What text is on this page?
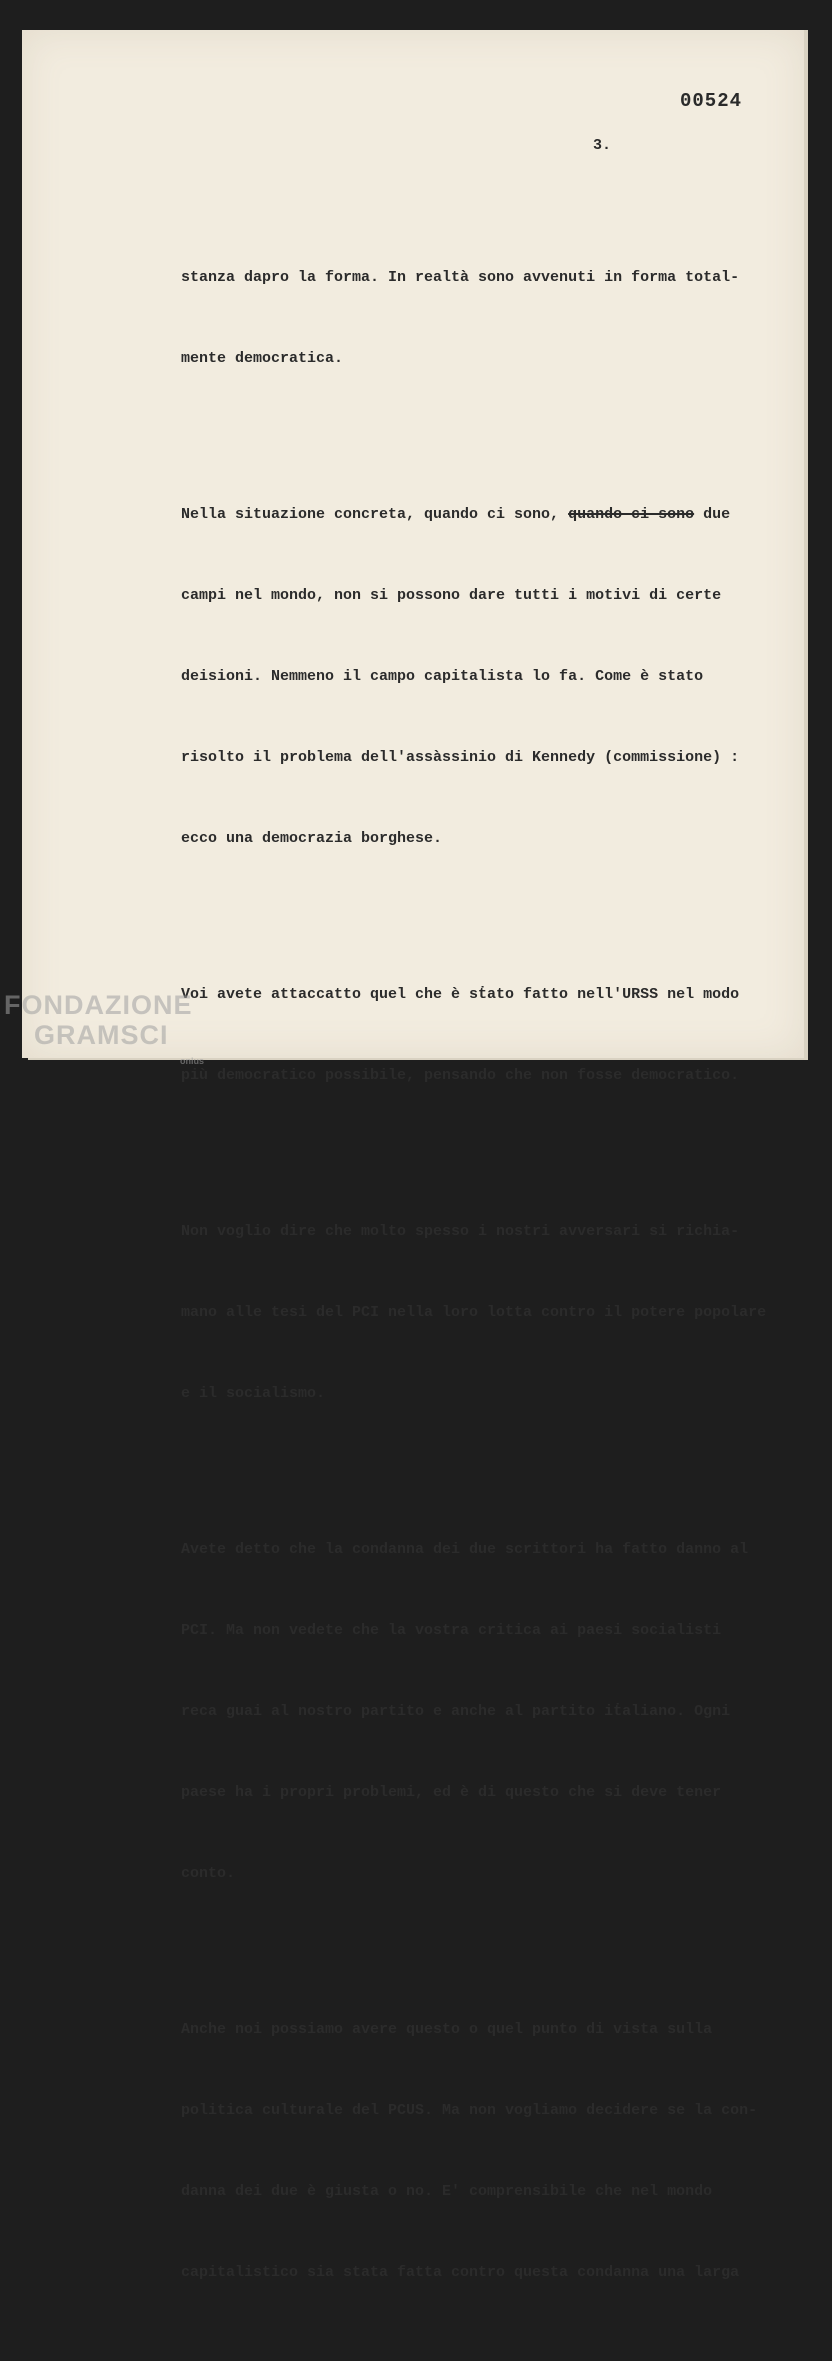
00524
3.

stanza dapro la forma. In realtà sono avvenuti in forma total-

mente democratica.

Nella situazione concreta, quando ci sono, quando ci sono due

campi nel mondo, non si possono dare tutti i motivi di certe

deisioni. Nemmeno il campo capitalista lo fa. Come è stato

risolto il problema dell'assàssinio di Kennedy (commissione) :

ecco una democrazia borghese.

Voi avete attaccatto quel che è sṫato fatto nell'URSS nel modo

più democratico possibile, pensando che non fosse democratico.

Non voglio dire che molto spesso i nostri avversari si richia-

mano alle tesi del PCI nella loro lotta contro il potere popolare

e il socialismo.

Avete detto che la condanna dei due scrittori ha fatto danno al

PCI. Ma non vedete che la vostra critica ai paesi socialisti

reca guai al nostro partito e anche al partito iṫaliano. Ogni

paese ha i propri problemi, ed è di questo che si deve tener

conto.

Anche noi possiamo avere questo o quel punto di vista sulla

politica culturale del PCUS. Ma non vogliamo decidere se la con-

danna dei due è giusta o no. E' comprensibile che nel mondo

capitalistico sia stata fatta contro questa condanna una larga

FONDAZIONE
GRAMSCI
onlus
